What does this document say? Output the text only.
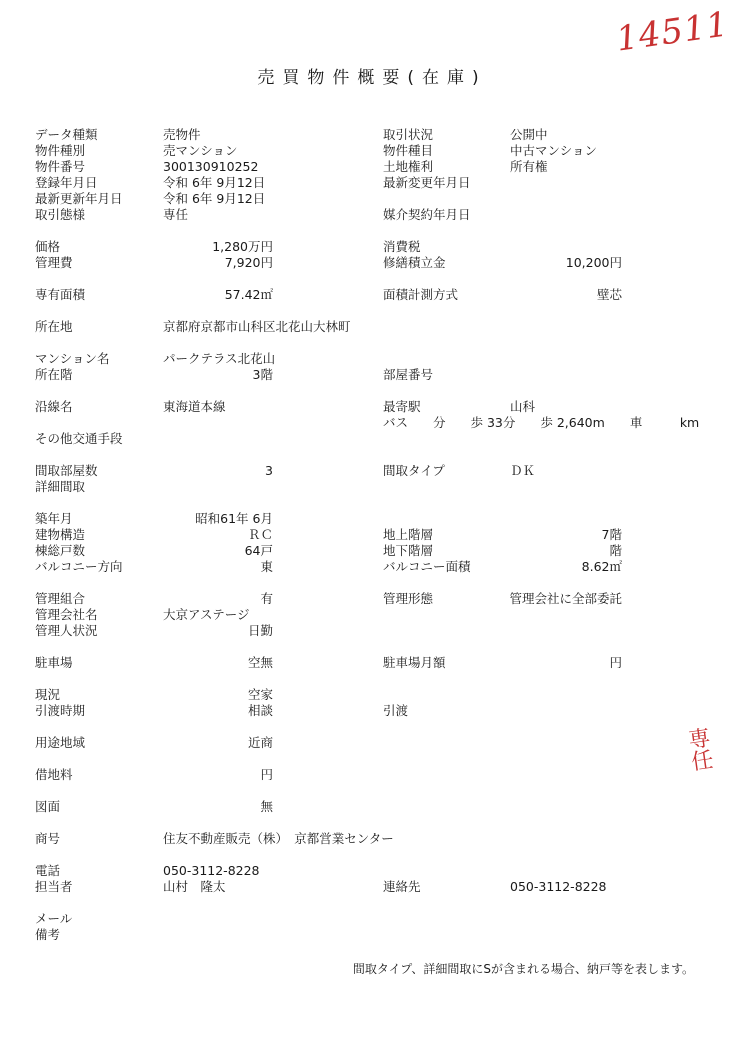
14511
売買物件概要(在庫)
データ種類	売物件	取引状況	公開中
物件種別	売マンション	物件種目	中古マンション
物件番号	300130910252	土地権利	所有権
登録年月日	令和 6年 9月12日	最新変更年月日
最新更新年月日	令和 6年 9月12日
取引態様	専任	媒介契約年月日
価格	1,280万円	消費税
管理費	7,920円	修繕積立金	10,200円
専有面積	57.42㎡	面積計測方式	壁芯
所在地	京都府京都市山科区北花山大林町
マンション名	パークテラス北花山
所在階	3階	部屋番号
沿線名	東海道本線	最寄駅	山科
バス　　分　　歩 33分　　歩 2,640m　　車　　　km
その他交通手段
間取部屋数	3	間取タイプ	ＤＫ
詳細間取
築年月	昭和61年 6月
建物構造	ＲＣ	地上階層	7階
棟総戸数	64戸	地下階層	階
バルコニー方向	東	バルコニー面積	8.62㎡
管理組合	有	管理形態	管理会社に全部委託
管理会社名	大京アステージ
管理人状況	日勤
駐車場	空無	駐車場月額	円
現況	空家
引渡時期	相談	引渡
用途地域	近商
借地料	円
図面	無
商号	住友不動産販売（株）　京都営業センター
電話	050-3112-8228
担当者	山村　隆太	連絡先	050-3112-8228
メール
備考
専任
間取タイプ、詳細間取にSが含まれる場合、納戸等を表します。
